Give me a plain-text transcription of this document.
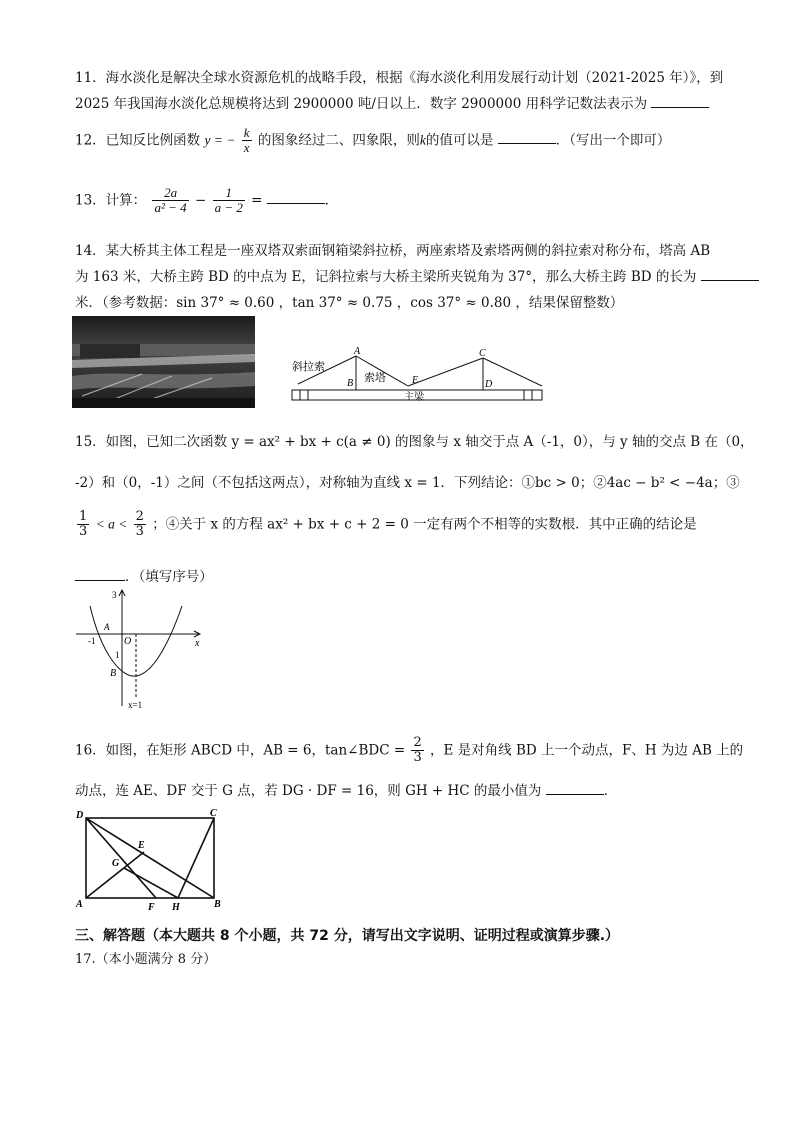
11．海水淡化是解决全球水资源危机的战略手段，根据《海水淡化利用发展行动计划（2021-2025 年）》，到
2025 年我国海水淡化总规模将达到 2900000 吨/日以上．数字 2900000 用科学记数法表示为
12．已知反比例函数 y = − $\frac{k}{x}$ 的图象经过二、四象限，则k的值可以是	．（写出一个即可）
13．计算： $\frac{2a}{\text{a² − 4}} - \frac{1}{a - 2}$ =	．
14．某大桥其主体工程是一座双塔双索面钢箱梁斜拉桥，两座索塔及索塔两侧的斜拉索对称分布，塔高 AB
为 163 米，大桥主跨 BD 的中点为 E，记斜拉索与大桥主梁所夹锐角为 37°，那么大桥主跨 BD 的长为
米．（参考数据：sin 37° ≈ 0.60 ，tan 37° ≈ 0.75 ，cos 37° ≈ 0.80 ，结果保留整数）
斜拉索
索塔
主梁
A
B
C
D
E
15．如图，已知二次函数 y = ax² + bx + c(a ≠ 0) 的图象与 x 轴交于点 A（-1，0），与 y 轴的交点 B 在（0，
-2）和（0，-1）之间（不包括这两点），对称轴为直线 x = 1．下列结论：①bc > 0；②4ac − b² < −4a；③
$\frac{1}{3} < a < \frac{2}{3}$ ；④关于 x 的方程 ax² + bx + c + 2 = 0 一定有两个不相等的实数根．其中正确的结论是
．（填写序号）
3
A
-1	O
1
B
x
x=1
16．如图，在矩形 ABCD 中，AB = 6，tan∠BDC = $\frac{2}{3}$ ，E 是对角线 BD 上一个动点，F、H 为边 AB 上的
动点，连 AE、DF 交于 G 点，若 DG · DF = 16，则 GH + HC 的最小值为	．
D	C
A	B
E
G
F H
三、解答题（本大题共 8 个小题，共 72 分，请写出文字说明、证明过程或演算步骤.）
17.（本小题满分 8 分）
